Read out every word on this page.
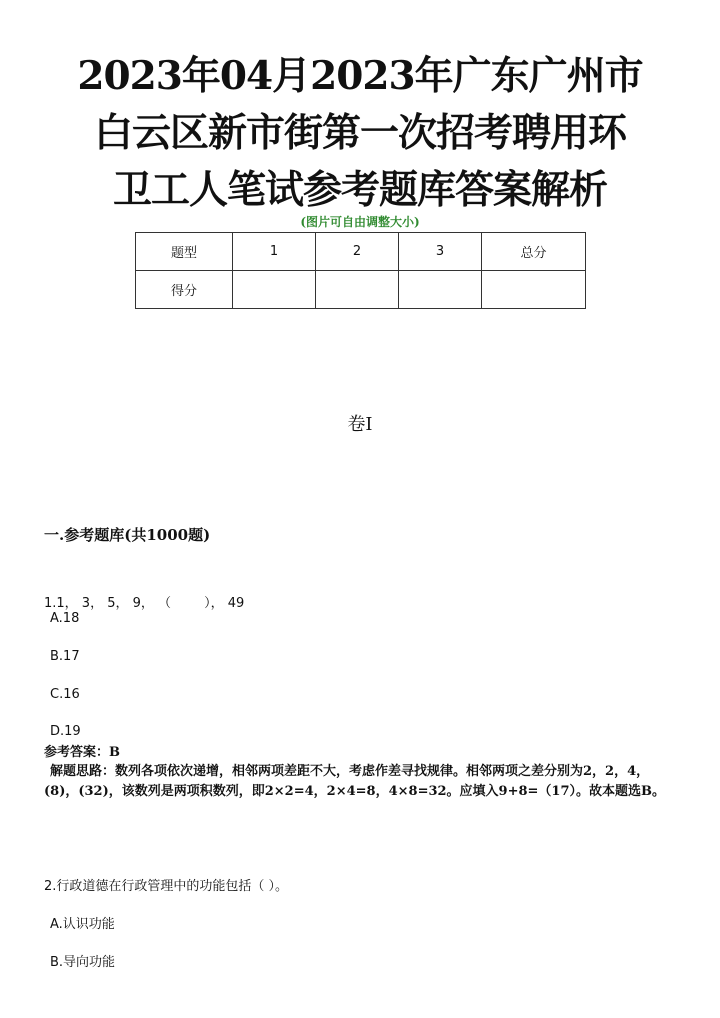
2023年04月2023年广东广州市
白云区新市街第一次招考聘用环
卫工人笔试参考题库答案解析
(图片可自由调整大小)
题型	1	2	3	总分
得分				
卷I
一.参考题库(共1000题)
1.1， 3， 5， 9， （        ）， 49
A.18
B.17
C.16
D.19
参考答案：B
解题思路：数列各项依次递增，相邻两项差距不大，考虑作差寻找规律。相邻两项之差分别为2，2，4，(8)，(32)，该数列是两项积数列，即2×2=4，2×4=8，4×8=32。应填入9+8=（17）。故本题选B。
2.行政道德在行政管理中的功能包括（ ）。
A.认识功能
B.导向功能
